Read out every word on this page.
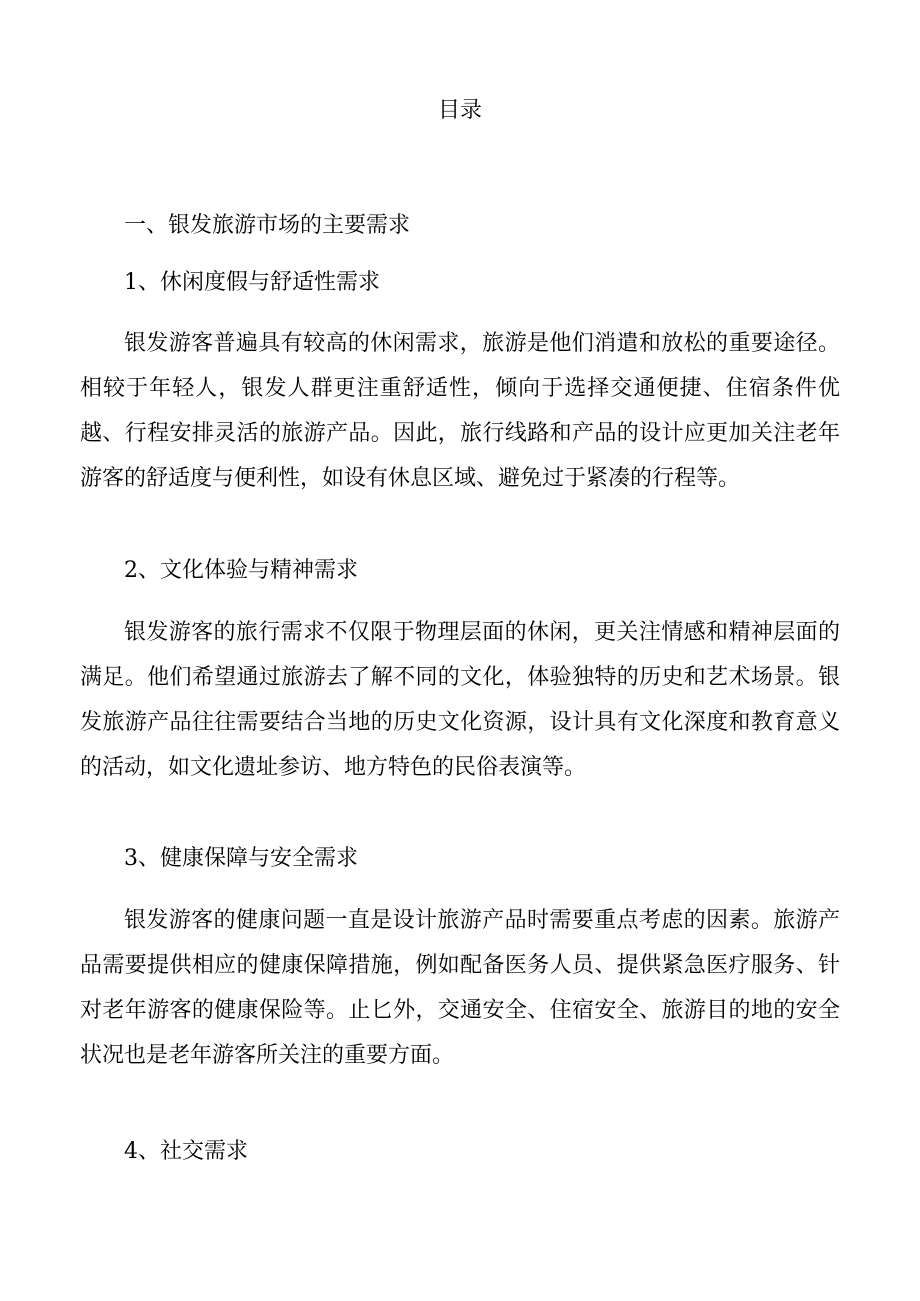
目录
一、银发旅游市场的主要需求
1、休闲度假与舒适性需求
银发游客普遍具有较高的休闲需求，旅游是他们消遣和放松的重要途径。相较于年轻人，银发人群更注重舒适性，倾向于选择交通便捷、住宿条件优越、行程安排灵活的旅游产品。因此，旅行线路和产品的设计应更加关注老年游客的舒适度与便利性，如设有休息区域、避免过于紧凑的行程等。
2、文化体验与精神需求
银发游客的旅行需求不仅限于物理层面的休闲，更关注情感和精神层面的满足。他们希望通过旅游去了解不同的文化，体验独特的历史和艺术场景。银发旅游产品往往需要结合当地的历史文化资源，设计具有文化深度和教育意义的活动，如文化遗址参访、地方特色的民俗表演等。
3、健康保障与安全需求
银发游客的健康问题一直是设计旅游产品时需要重点考虑的因素。旅游产品需要提供相应的健康保障措施，例如配备医务人员、提供紧急医疗服务、针对老年游客的健康保险等。止匕外，交通安全、住宿安全、旅游目的地的安全状况也是老年游客所关注的重要方面。
4、社交需求
